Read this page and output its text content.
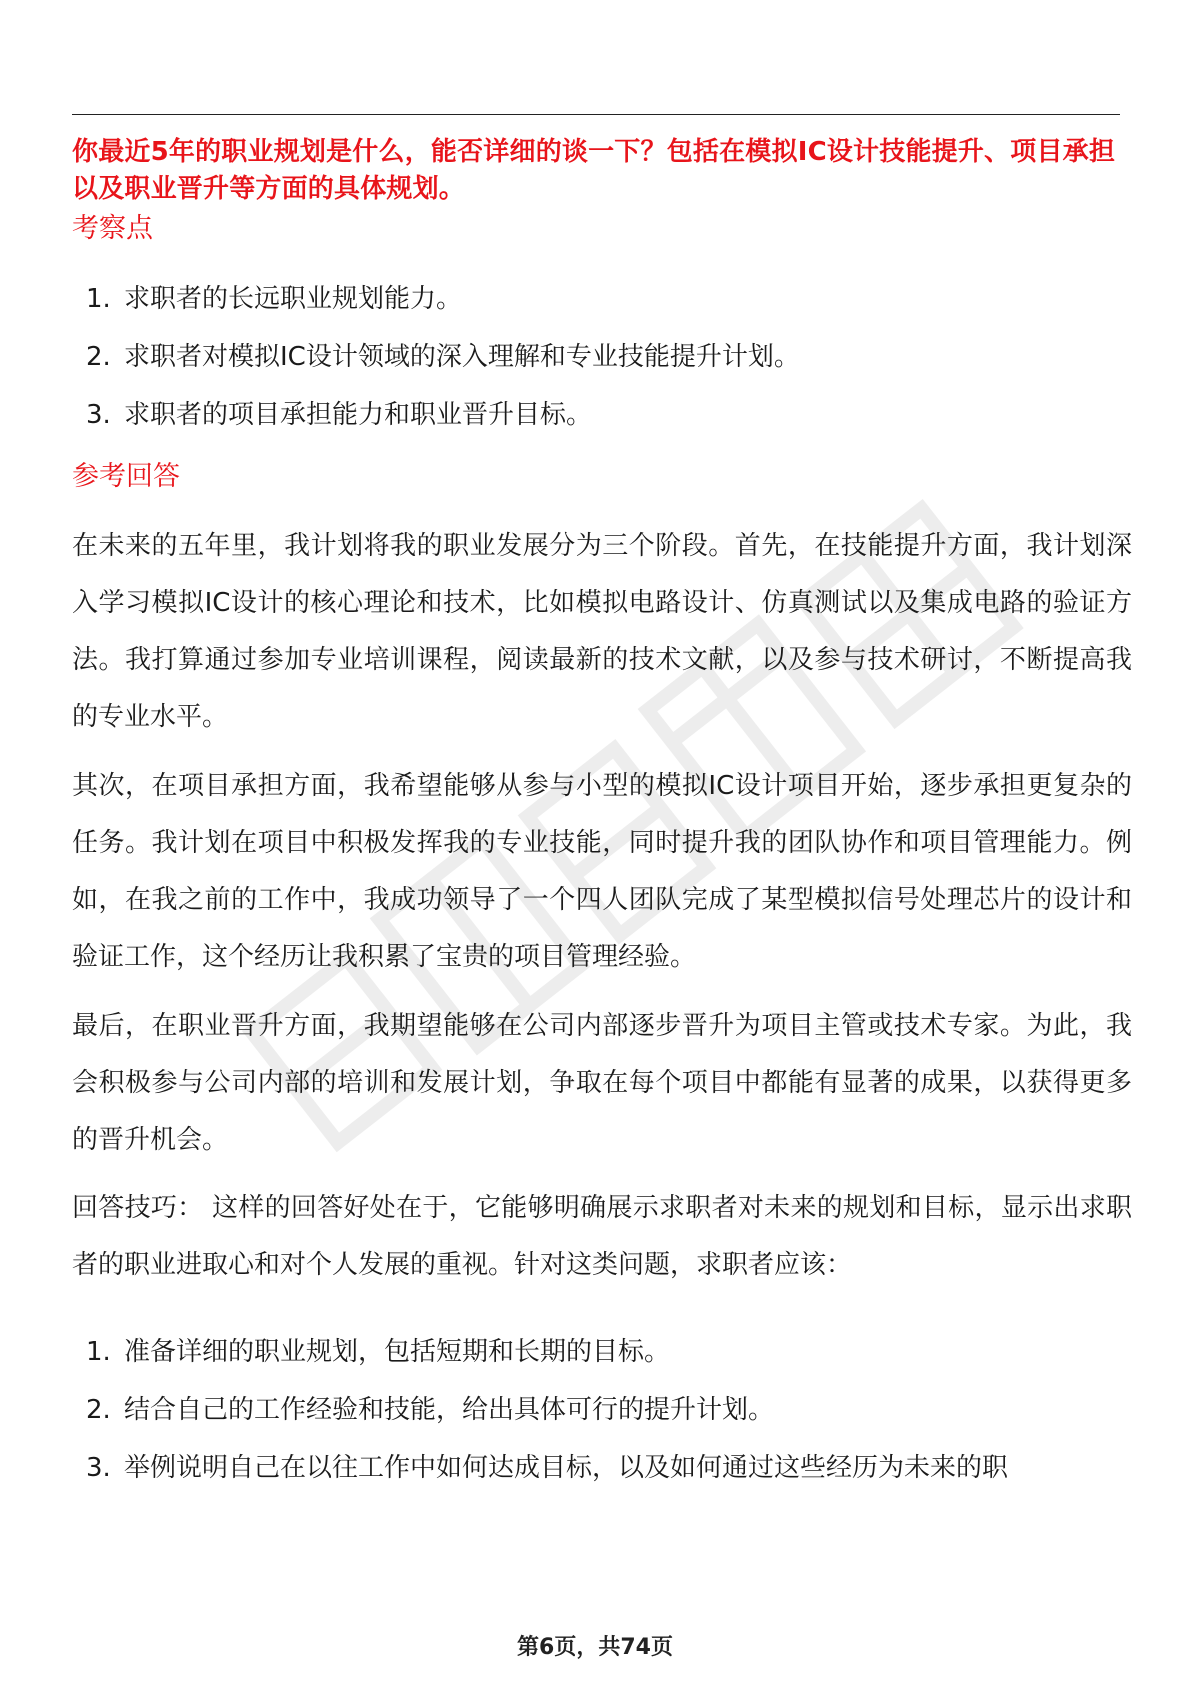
你最近5年的职业规划是什么，能否详细的谈一下？包括在模拟IC设计技能提升、项目承担以及职业晋升等方面的具体规划。
考察点
1. 求职者的长远职业规划能力。
2. 求职者对模拟IC设计领域的深入理解和专业技能提升计划。
3. 求职者的项目承担能力和职业晋升目标。
参考回答

在未来的五年里，我计划将我的职业发展分为三个阶段。首先，在技能提升方面，我计划深入学习模拟IC设计的核心理论和技术，比如模拟电路设计、仿真测试以及集成电路的验证方法。我打算通过参加专业培训课程，阅读最新的技术文献，以及参与技术研讨，不断提高我的专业水平。

其次，在项目承担方面，我希望能够从参与小型的模拟IC设计项目开始，逐步承担更复杂的任务。我计划在项目中积极发挥我的专业技能，同时提升我的团队协作和项目管理能力。例如，在我之前的工作中，我成功领导了一个四人团队完成了某型模拟信号处理芯片的设计和验证工作，这个经历让我积累了宝贵的项目管理经验。

最后，在职业晋升方面，我期望能够在公司内部逐步晋升为项目主管或技术专家。为此，我会积极参与公司内部的培训和发展计划，争取在每个项目中都能有显著的成果，以获得更多的晋升机会。

回答技巧： 这样的回答好处在于，它能够明确展示求职者对未来的规划和目标，显示出求职者的职业进取心和对个人发展的重视。针对这类问题，求职者应该：

1. 准备详细的职业规划，包括短期和长期的目标。
2. 结合自己的工作经验和技能，给出具体可行的提升计划。
3. 举例说明自己在以往工作中如何达成目标，以及如何通过这些经历为未来的职
第6页，共74页
